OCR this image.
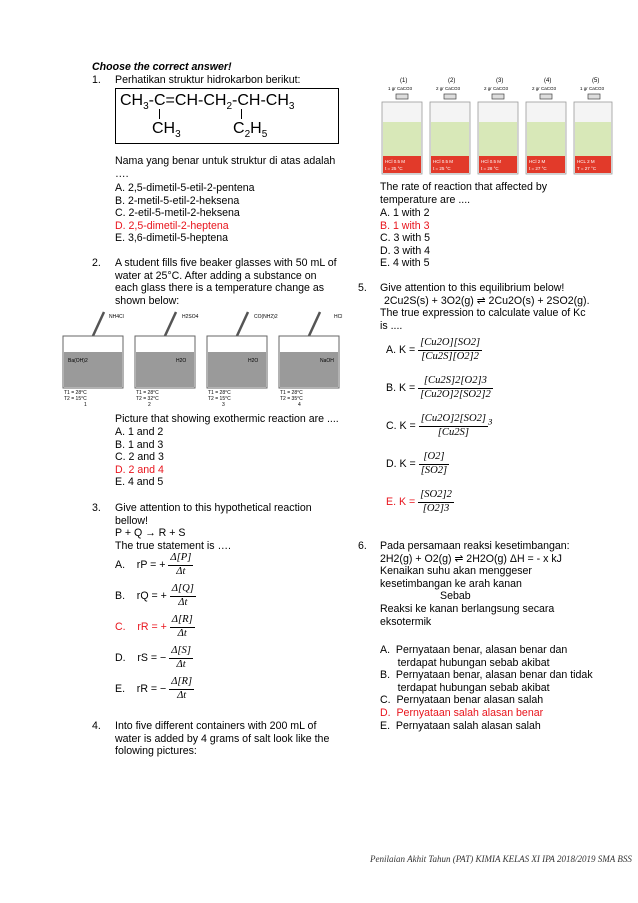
Choose the correct answer!
1. Perhatikan struktur hidrokarbon berikut:
$CH_3-C=CH-CH_2-CH-CH_3$
$CH_3$	$C_2H_5$
Nama yang benar untuk struktur di atas adalah ….
A. 2,5-dimetil-5-etil-2-pentena
B. 2-metil-5-etil-2-heksena
C. 2-etil-5-metil-2-heksena
D. 2,5-dimetil-2-heptena
E. 3,6-dimetil-5-heptena
2. A student fills five beaker glasses with 50 mL of
water at 25°C. After adding a substance on
each glass there is a temperature change as
shown below:
NH4Cl
Ba(OH)2
T1 = 28°C
T2 = 15°C
1
H2SO4
H2O
T1 = 28°C
T2 = 32°C
2
CO(NH2)2
H2O
T1 = 28°C
T2 = 15°C
3
HCl
NaOH
T1 = 28°C
T2 = 35°C
4
Picture that showing exothermic reaction are ....
A. 1 and 2
B. 1 and 3
C. 2 and 3
D. 2 and 4
E. 4 and 5
3. Give attention to this hypothetical reaction
bellow!
P + Q → R + S
The true statement is ….
A. rP = + $\frac{\Delta[P]}{\Delta t}$
B. rQ = + $\frac{\Delta[Q]}{\Delta t}$
C. rR = + $\frac{\Delta[R]}{\Delta t}$
D. rS = − $\frac{\Delta[S]}{\Delta t}$
E. rR = − $\frac{\Delta[R]}{\Delta t}$
4. Into five different containers with 200 mL of
water is added by 4 grams of salt look like the
folowing pictures:
(1)
1 gr CaCO3
HCl 0.5 M
t = 25 °C
(2)
2 gr CaCO3
HCl 0.5 M
t = 25 °C
(3)
2 gr CaCO3
HCl 0.5 M
t = 28 °C
(4)
2 gr CaCO3
HCl 2 M
t = 27 °C
(5)
1 gr CaCO3
HCL 2 M
T = 27 °C
The rate of reaction that affected by
temperature are ....
A. 1 with 2
B. 1 with 3
C. 3 with 5
D. 3 with 4
E. 4 with 5
5. Give attention to this equilibrium below!
2Cu2S(s) + 3O2(g) ⇌ 2Cu2O(s) + 2SO2(g).
The true expression to calculate value of Kc
is ....
A. $K = \frac{[Cu2O][SO2]}{[Cu2S][O2]2}$
B. $K = \frac{[Cu2S]2[O2]3}{[Cu2O]2[SO2]2}$
C. $K = \frac{[Cu2O]2[SO2]}{[Cu2S]} ^3$
D. $K = \frac{[O2]}{[SO2]}$
E. $K = \frac{[SO2]2}{[O2]3}$
6. Pada persamaan reaksi kesetimbangan:
2H2(g) + O2(g) ⇌ 2H2O(g) ΔH = - x kJ
Kenaikan suhu akan menggeser
kesetimbangan ke arah kanan
Sebab
Reaksi ke kanan berlangsung secara
eksotermik
A.  Pernyataan benar, alasan benar dan
terdapat hubungan sebab akibat
B.  Pernyataan benar, alasan benar dan tidak
terdapat hubungan sebab akibat
C.  Pernyataan benar alasan salah
D.  Pernyataan salah alasan benar
E.  Pernyataan salah alasan salah
Penilaian Akhit Tahun (PAT) KIMIA KELAS XI IPA 2018/2019 SMA BSS
